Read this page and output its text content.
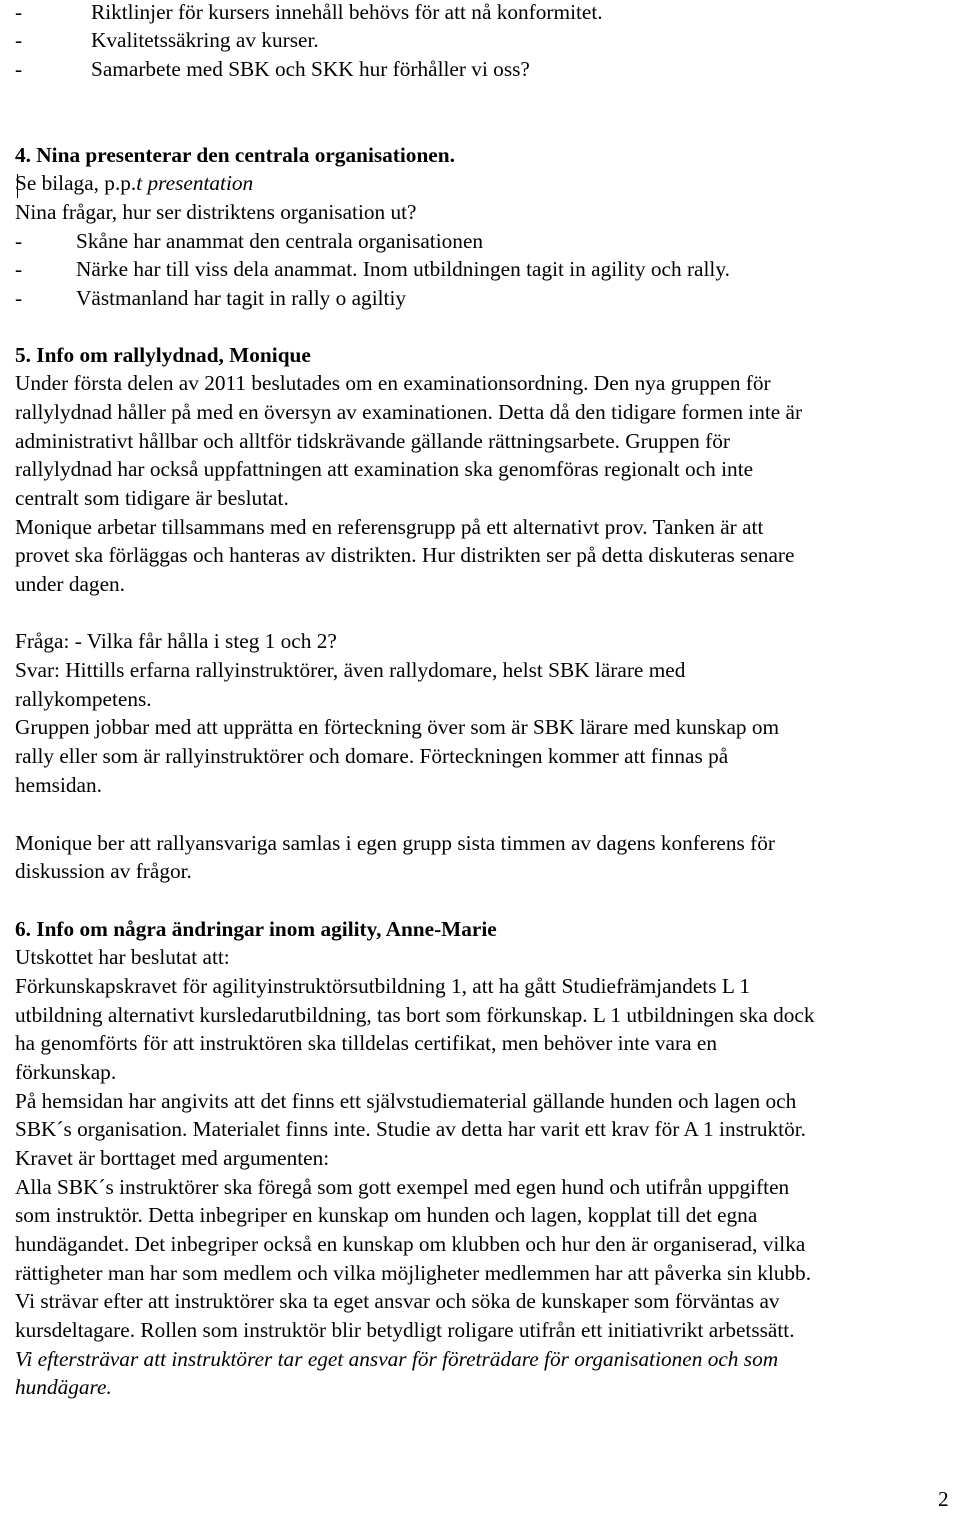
-	Riktlinjer för kursers innehåll behövs för att nå konformitet.
-	Kvalitetssäkring av kurser.
-	Samarbete med SBK och SKK hur förhåller vi oss?
4. Nina presenterar den centrala organisationen.
Se bilaga, p.p.t presentation
Nina frågar, hur ser distriktens organisation ut?
-	Skåne har anammat den centrala organisationen
-	Närke har till viss dela anammat. Inom utbildningen tagit in agility och rally.
-	Västmanland har tagit in rally o agiltiy
5. Info om rallylydnad, Monique
Under första delen av 2011 beslutades om en examinationsordning. Den nya gruppen för
rallylydnad håller på med en översyn av examinationen. Detta då den tidigare formen inte är
administrativt hållbar och alltför tidskrävande gällande rättningsarbete. Gruppen för
rallylydnad har också uppfattningen att examination ska genomföras regionalt och inte
centralt som tidigare är beslutat.
Monique arbetar tillsammans med en referensgrupp på ett alternativt prov. Tanken är att
provet ska förläggas och hanteras av distrikten. Hur distrikten ser på detta diskuteras senare
under dagen.
Fråga: - Vilka får hålla i steg 1 och 2?
Svar: Hittills erfarna rallyinstruktörer, även rallydomare, helst SBK lärare med
rallykompetens.
Gruppen jobbar med att upprätta en förteckning över som är SBK lärare med kunskap om
rally eller som är rallyinstruktörer och domare. Förteckningen kommer att finnas på
hemsidan.
Monique ber att rallyansvariga samlas i egen grupp sista timmen av dagens konferens för
diskussion av frågor.
6. Info om några ändringar inom agility, Anne-Marie
Utskottet har beslutat att:
Förkunskapskravet för agilityinstruktörsutbildning 1, att ha gått Studiefrämjandets L 1
utbildning alternativt kursledarutbildning, tas bort som förkunskap. L 1 utbildningen ska dock
ha genomförts för att instruktören ska tilldelas certifikat, men behöver inte vara en
förkunskap.
På hemsidan har angivits att det finns ett självstudiematerial gällande hunden och lagen och
SBK´s organisation. Materialet finns inte. Studie av detta har varit ett krav för A 1 instruktör.
Kravet är borttaget med argumenten:
Alla SBK´s instruktörer ska föregå som gott exempel med egen hund och utifrån uppgiften
som instruktör. Detta inbegriper en kunskap om hunden och lagen, kopplat till det egna
hundägandet. Det inbegriper också en kunskap om klubben och hur den är organiserad, vilka
rättigheter man har som medlem och vilka möjligheter medlemmen har att påverka sin klubb.
Vi strävar efter att instruktörer ska ta eget ansvar och söka de kunskaper som förväntas av
kursdeltagare. Rollen som instruktör blir betydligt roligare utifrån ett initiativrikt arbetssätt.
Vi eftersträvar att instruktörer tar eget ansvar för företrädare för organisationen och som
hundägare.
2
